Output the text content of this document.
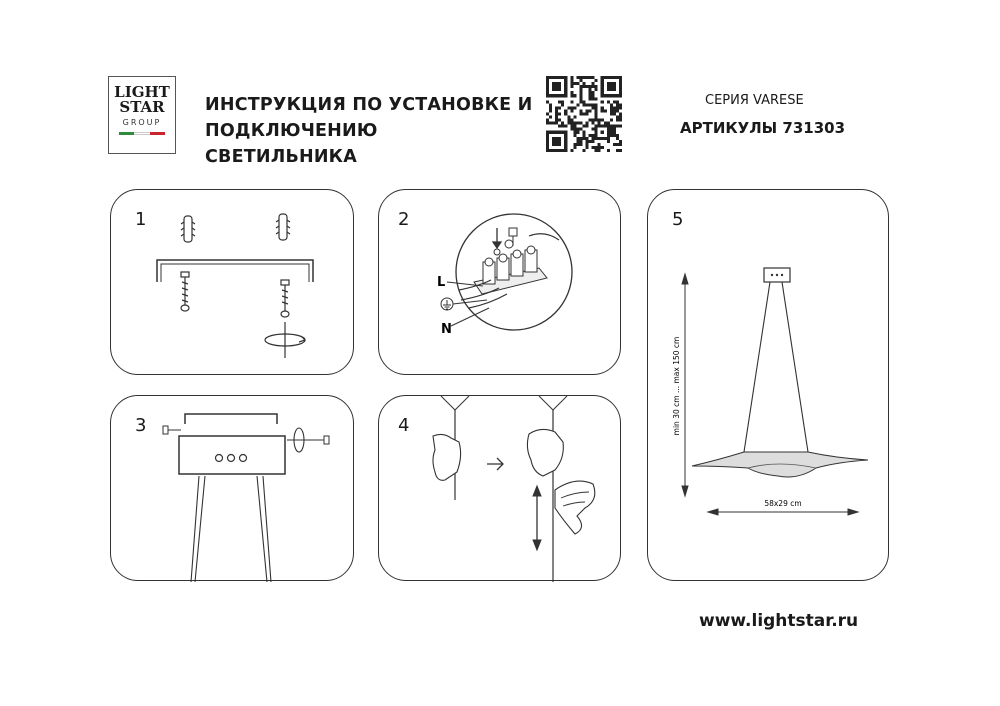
LIGHT
STAR
GROUP
ИНСТРУКЦИЯ ПО УСТАНОВКЕ И
ПОДКЛЮЧЕНИЮ СВЕТИЛЬНИКА
СЕРИЯ VARESE
АРТИКУЛЫ 731303
1	2
L
N
3	4
5
min 30 cm ... max 150 cm
58x29 cm
www.lightstar.ru
